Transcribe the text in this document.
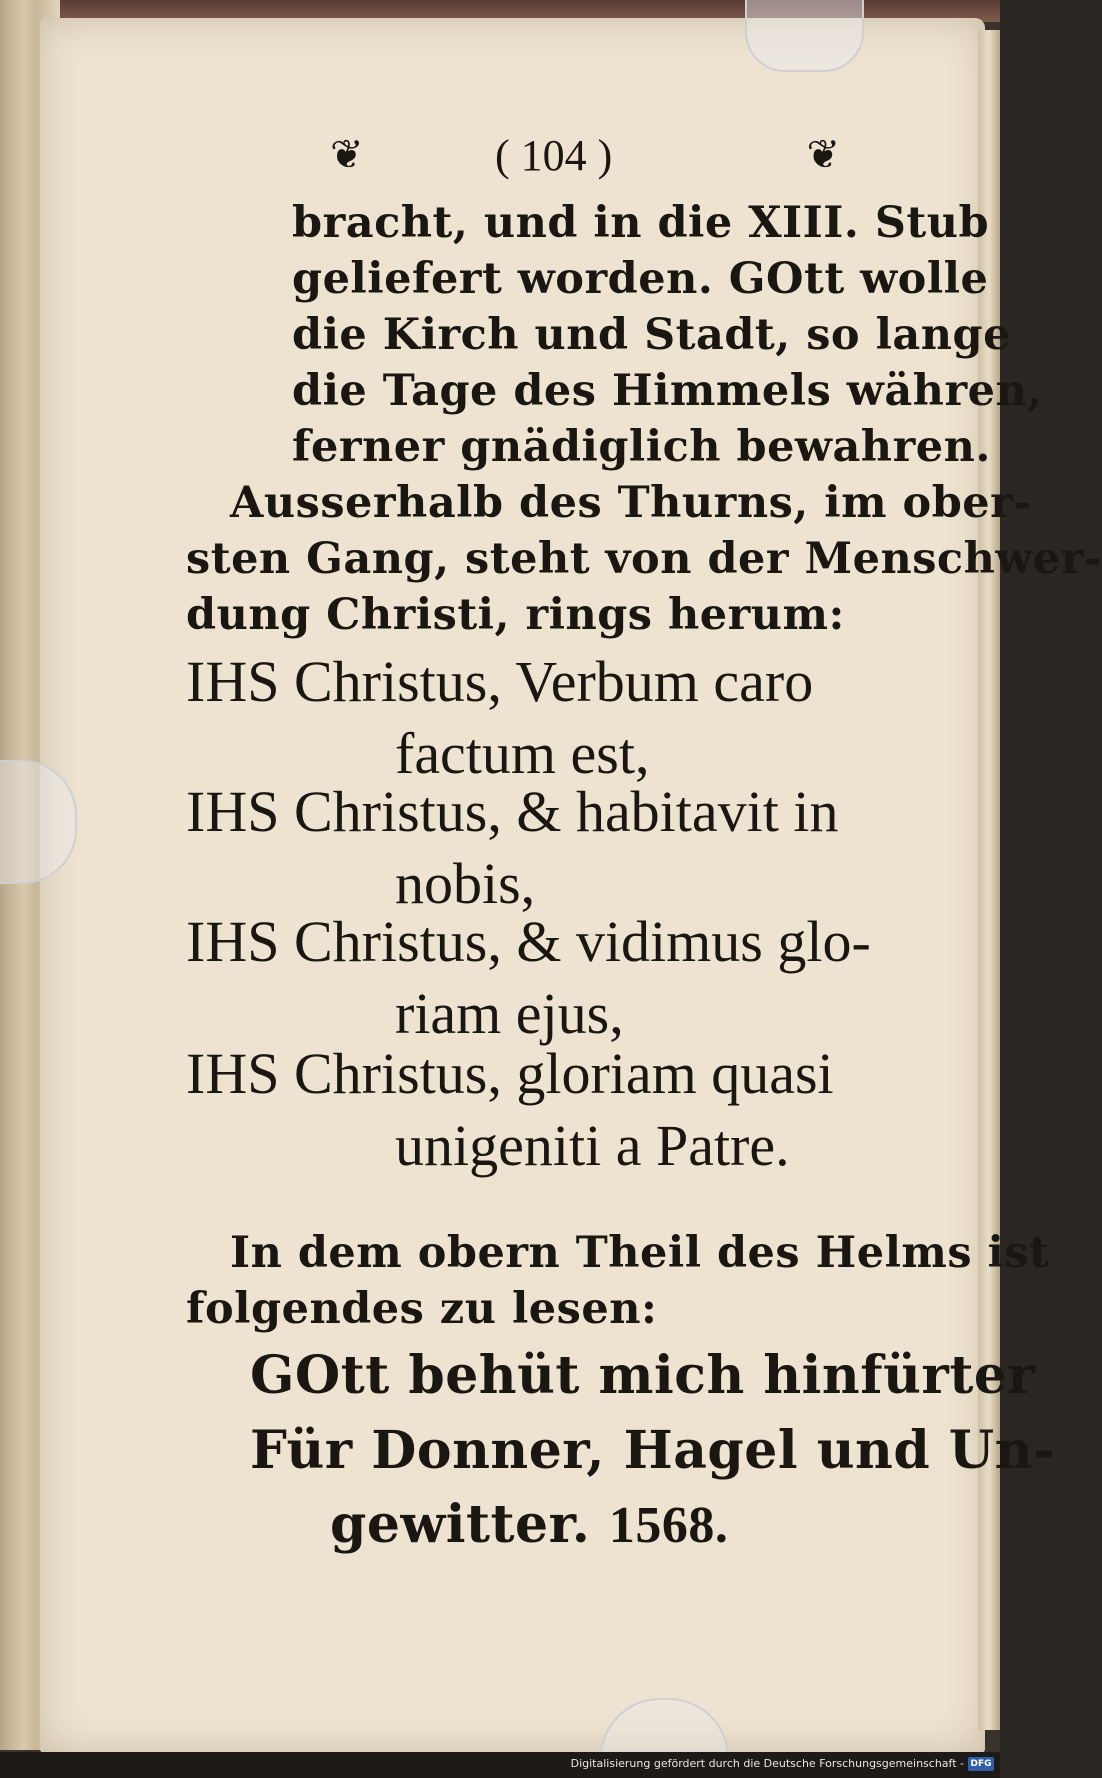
❦	( 104 )	❦
bracht, und in die XIII. Stub
geliefert worden. GOtt wolle
die Kirch und Stadt, so lange
die Tage des Himmels währen,
ferner gnädiglich bewahren.
Ausserhalb des Thurns, im ober-
sten Gang, steht von der Menschwer-
dung Christi, rings herum:
IHS Christus, Verbum caro
factum est,
IHS Christus, & habitavit in
nobis,
IHS Christus, & vidimus glo-
riam ejus,
IHS Christus, gloriam quasi
unigeniti a Patre.
In dem obern Theil des Helms ist
folgendes zu lesen:
GOtt behüt mich hinfürter
Für Donner, Hagel und Un-
gewitter. 1568.
Digitalisierung gefördert durch die Deutsche Forschungsgemeinschaft - DFG
